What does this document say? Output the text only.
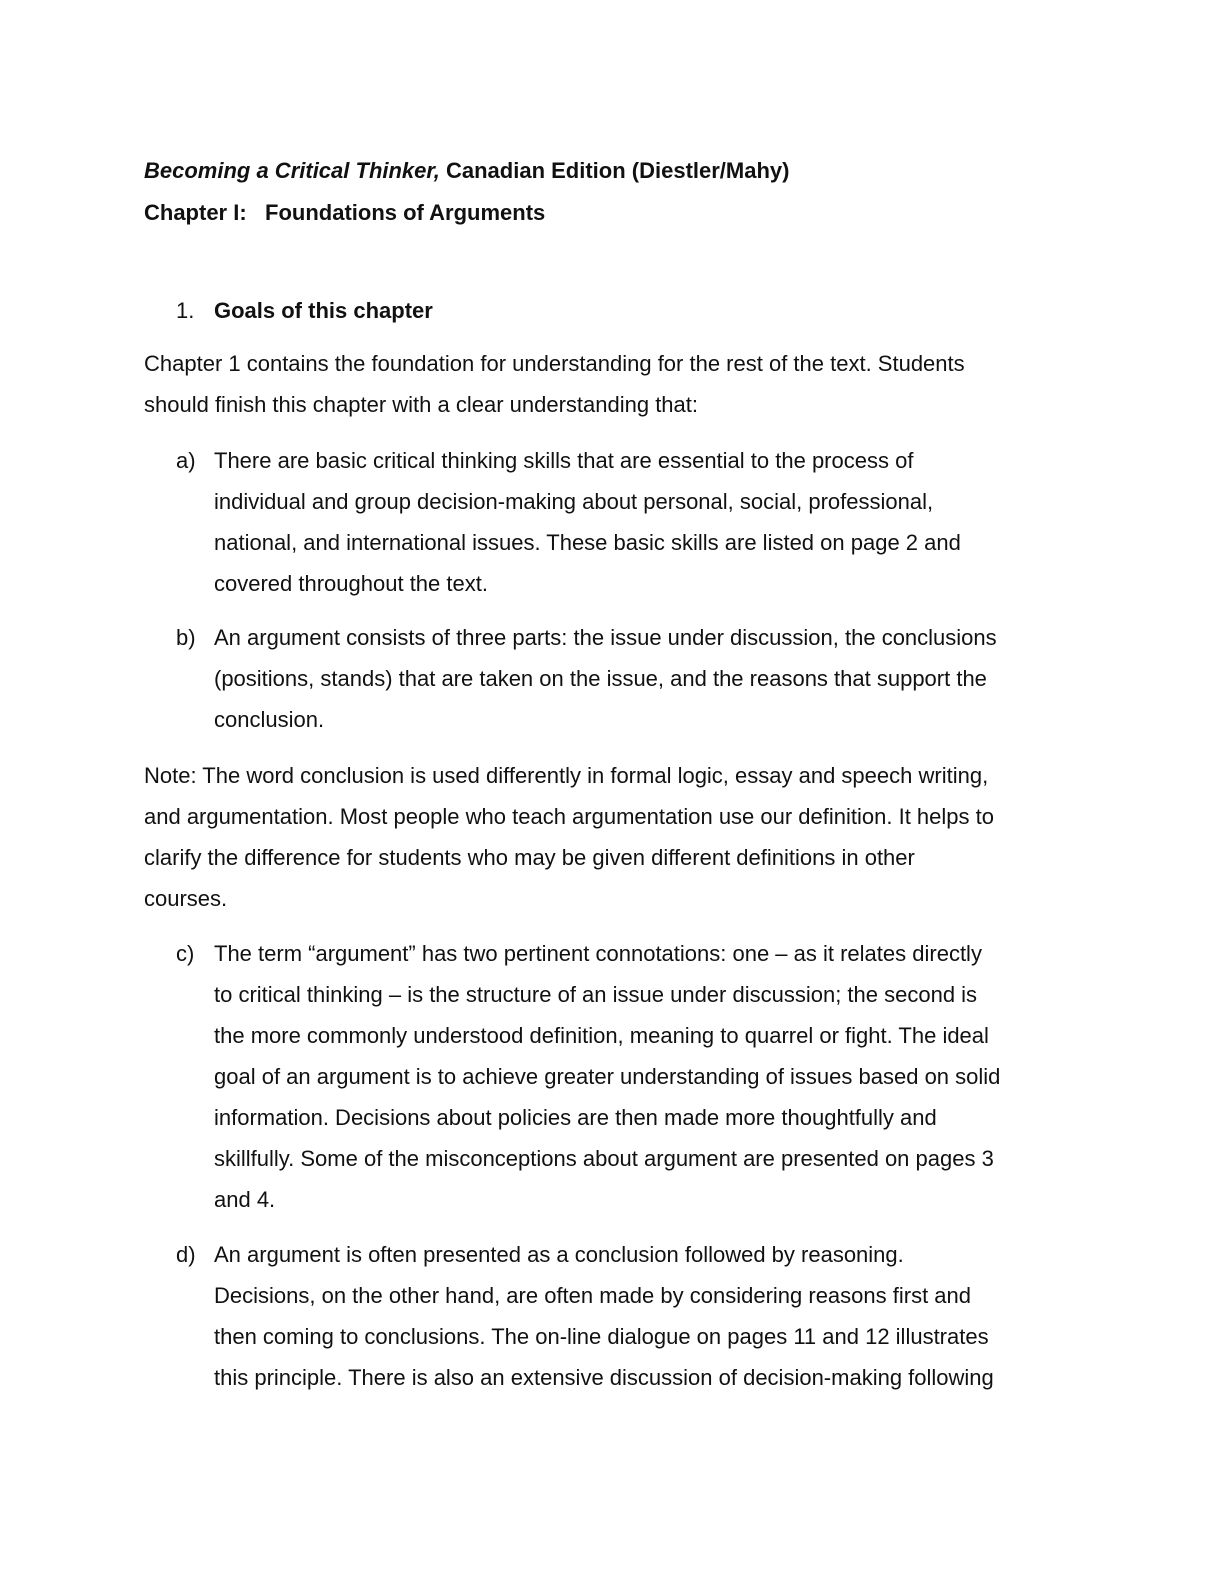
Becoming a Critical Thinker, Canadian Edition (Diestler/Mahy)
Chapter I:   Foundations of Arguments
1. Goals of this chapter
Chapter 1 contains the foundation for understanding for the rest of the text. Students
should finish this chapter with a clear understanding that:
a) There are basic critical thinking skills that are essential to the process of
individual and group decision-making about personal, social, professional,
national, and international issues. These basic skills are listed on page 2 and
covered throughout the text.
b) An argument consists of three parts: the issue under discussion, the conclusions
(positions, stands) that are taken on the issue, and the reasons that support the
conclusion.
Note: The word conclusion is used differently in formal logic, essay and speech writing,
and argumentation. Most people who teach argumentation use our definition. It helps to
clarify the difference for students who may be given different definitions in other
courses.
c) The term “argument” has two pertinent connotations: one – as it relates directly
to critical thinking – is the structure of an issue under discussion; the second is
the more commonly understood definition, meaning to quarrel or fight. The ideal
goal of an argument is to achieve greater understanding of issues based on solid
information. Decisions about policies are then made more thoughtfully and
skillfully. Some of the misconceptions about argument are presented on pages 3
and 4.
d) An argument is often presented as a conclusion followed by reasoning.
Decisions, on the other hand, are often made by considering reasons first and
then coming to conclusions. The on-line dialogue on pages 11 and 12 illustrates
this principle. There is also an extensive discussion of decision-making following
